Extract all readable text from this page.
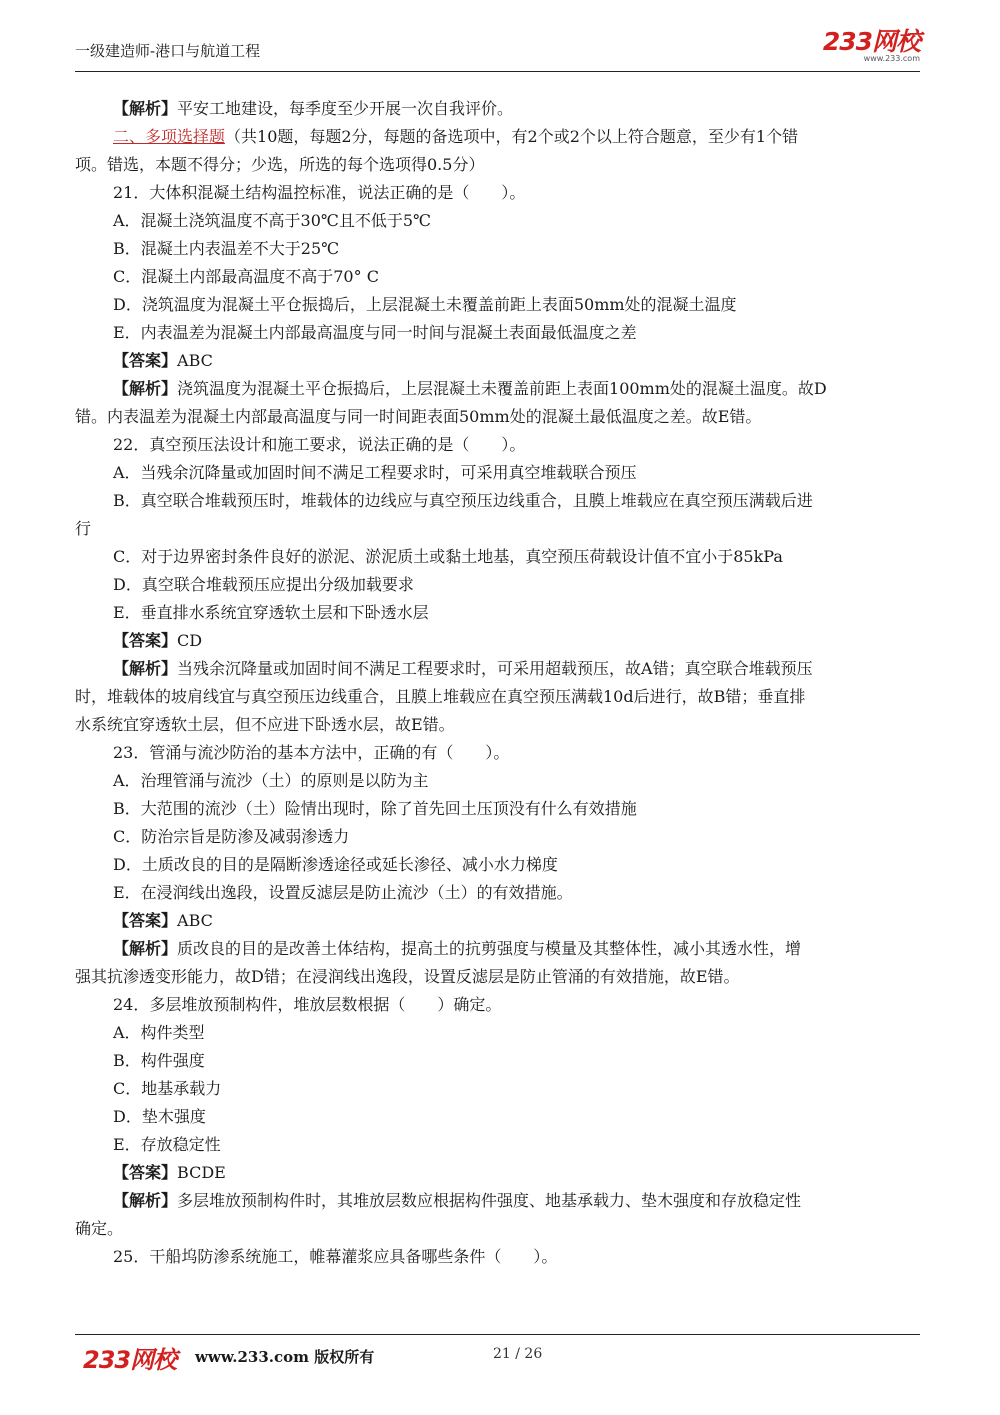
一级建造师-港口与航道工程	233网校
www.233.com
【解析】平安工地建设，每季度至少开展一次自我评价。
二、多项选择题（共10题，每题2分，每题的备选项中，有2个或2个以上符合题意，至少有1个错
项。错选，本题不得分；少选，所选的每个选项得0.5分）
21．大体积混凝土结构温控标准，说法正确的是（　　）。
A．混凝土浇筑温度不高于30℃且不低于5℃
B．混凝土内表温差不大于25℃
C．混凝土内部最高温度不高于70° C
D．浇筑温度为混凝土平仓振捣后，上层混凝土未覆盖前距上表面50mm处的混凝土温度
E．内表温差为混凝土内部最高温度与同一时间与混凝土表面最低温度之差
【答案】ABC
【解析】浇筑温度为混凝土平仓振捣后，上层混凝土未覆盖前距上表面100mm处的混凝土温度。故D
错。内表温差为混凝土内部最高温度与同一时间距表面50mm处的混凝土最低温度之差。故E错。
22．真空预压法设计和施工要求，说法正确的是（　　）。
A．当残余沉降量或加固时间不满足工程要求时，可采用真空堆载联合预压
B．真空联合堆载预压时，堆载体的边线应与真空预压边线重合，且膜上堆载应在真空预压满载后进
行
C．对于边界密封条件良好的淤泥、淤泥质土或黏土地基，真空预压荷载设计值不宜小于85kPa
D．真空联合堆载预压应提出分级加载要求
E．垂直排水系统宜穿透软土层和下卧透水层
【答案】CD
【解析】当残余沉降量或加固时间不满足工程要求时，可采用超载预压，故A错；真空联合堆载预压
时，堆载体的坡肩线宜与真空预压边线重合，且膜上堆载应在真空预压满载10d后进行，故B错；垂直排
水系统宜穿透软土层，但不应进下卧透水层，故E错。
23．管涌与流沙防治的基本方法中，正确的有（　　）。
A．治理管涌与流沙（土）的原则是以防为主
B．大范围的流沙（土）险情出现时，除了首先回土压顶没有什么有效措施
C．防治宗旨是防渗及减弱渗透力
D．土质改良的目的是隔断渗透途径或延长渗径、减小水力梯度
E．在浸润线出逸段，设置反滤层是防止流沙（土）的有效措施。
【答案】ABC
【解析】质改良的目的是改善土体结构，提高土的抗剪强度与模量及其整体性，减小其透水性，增
强其抗渗透变形能力，故D错；在浸润线出逸段，设置反滤层是防止管涌的有效措施，故E错。
24．多层堆放预制构件，堆放层数根据（　　）确定。
A．构件类型
B．构件强度
C．地基承载力
D．垫木强度
E．存放稳定性
【答案】BCDE
【解析】多层堆放预制构件时，其堆放层数应根据构件强度、地基承载力、垫木强度和存放稳定性
确定。
25．干船坞防渗系统施工，帷幕灌浆应具备哪些条件（　　）。
233网校 www.233.com 版权所有	21 / 26
